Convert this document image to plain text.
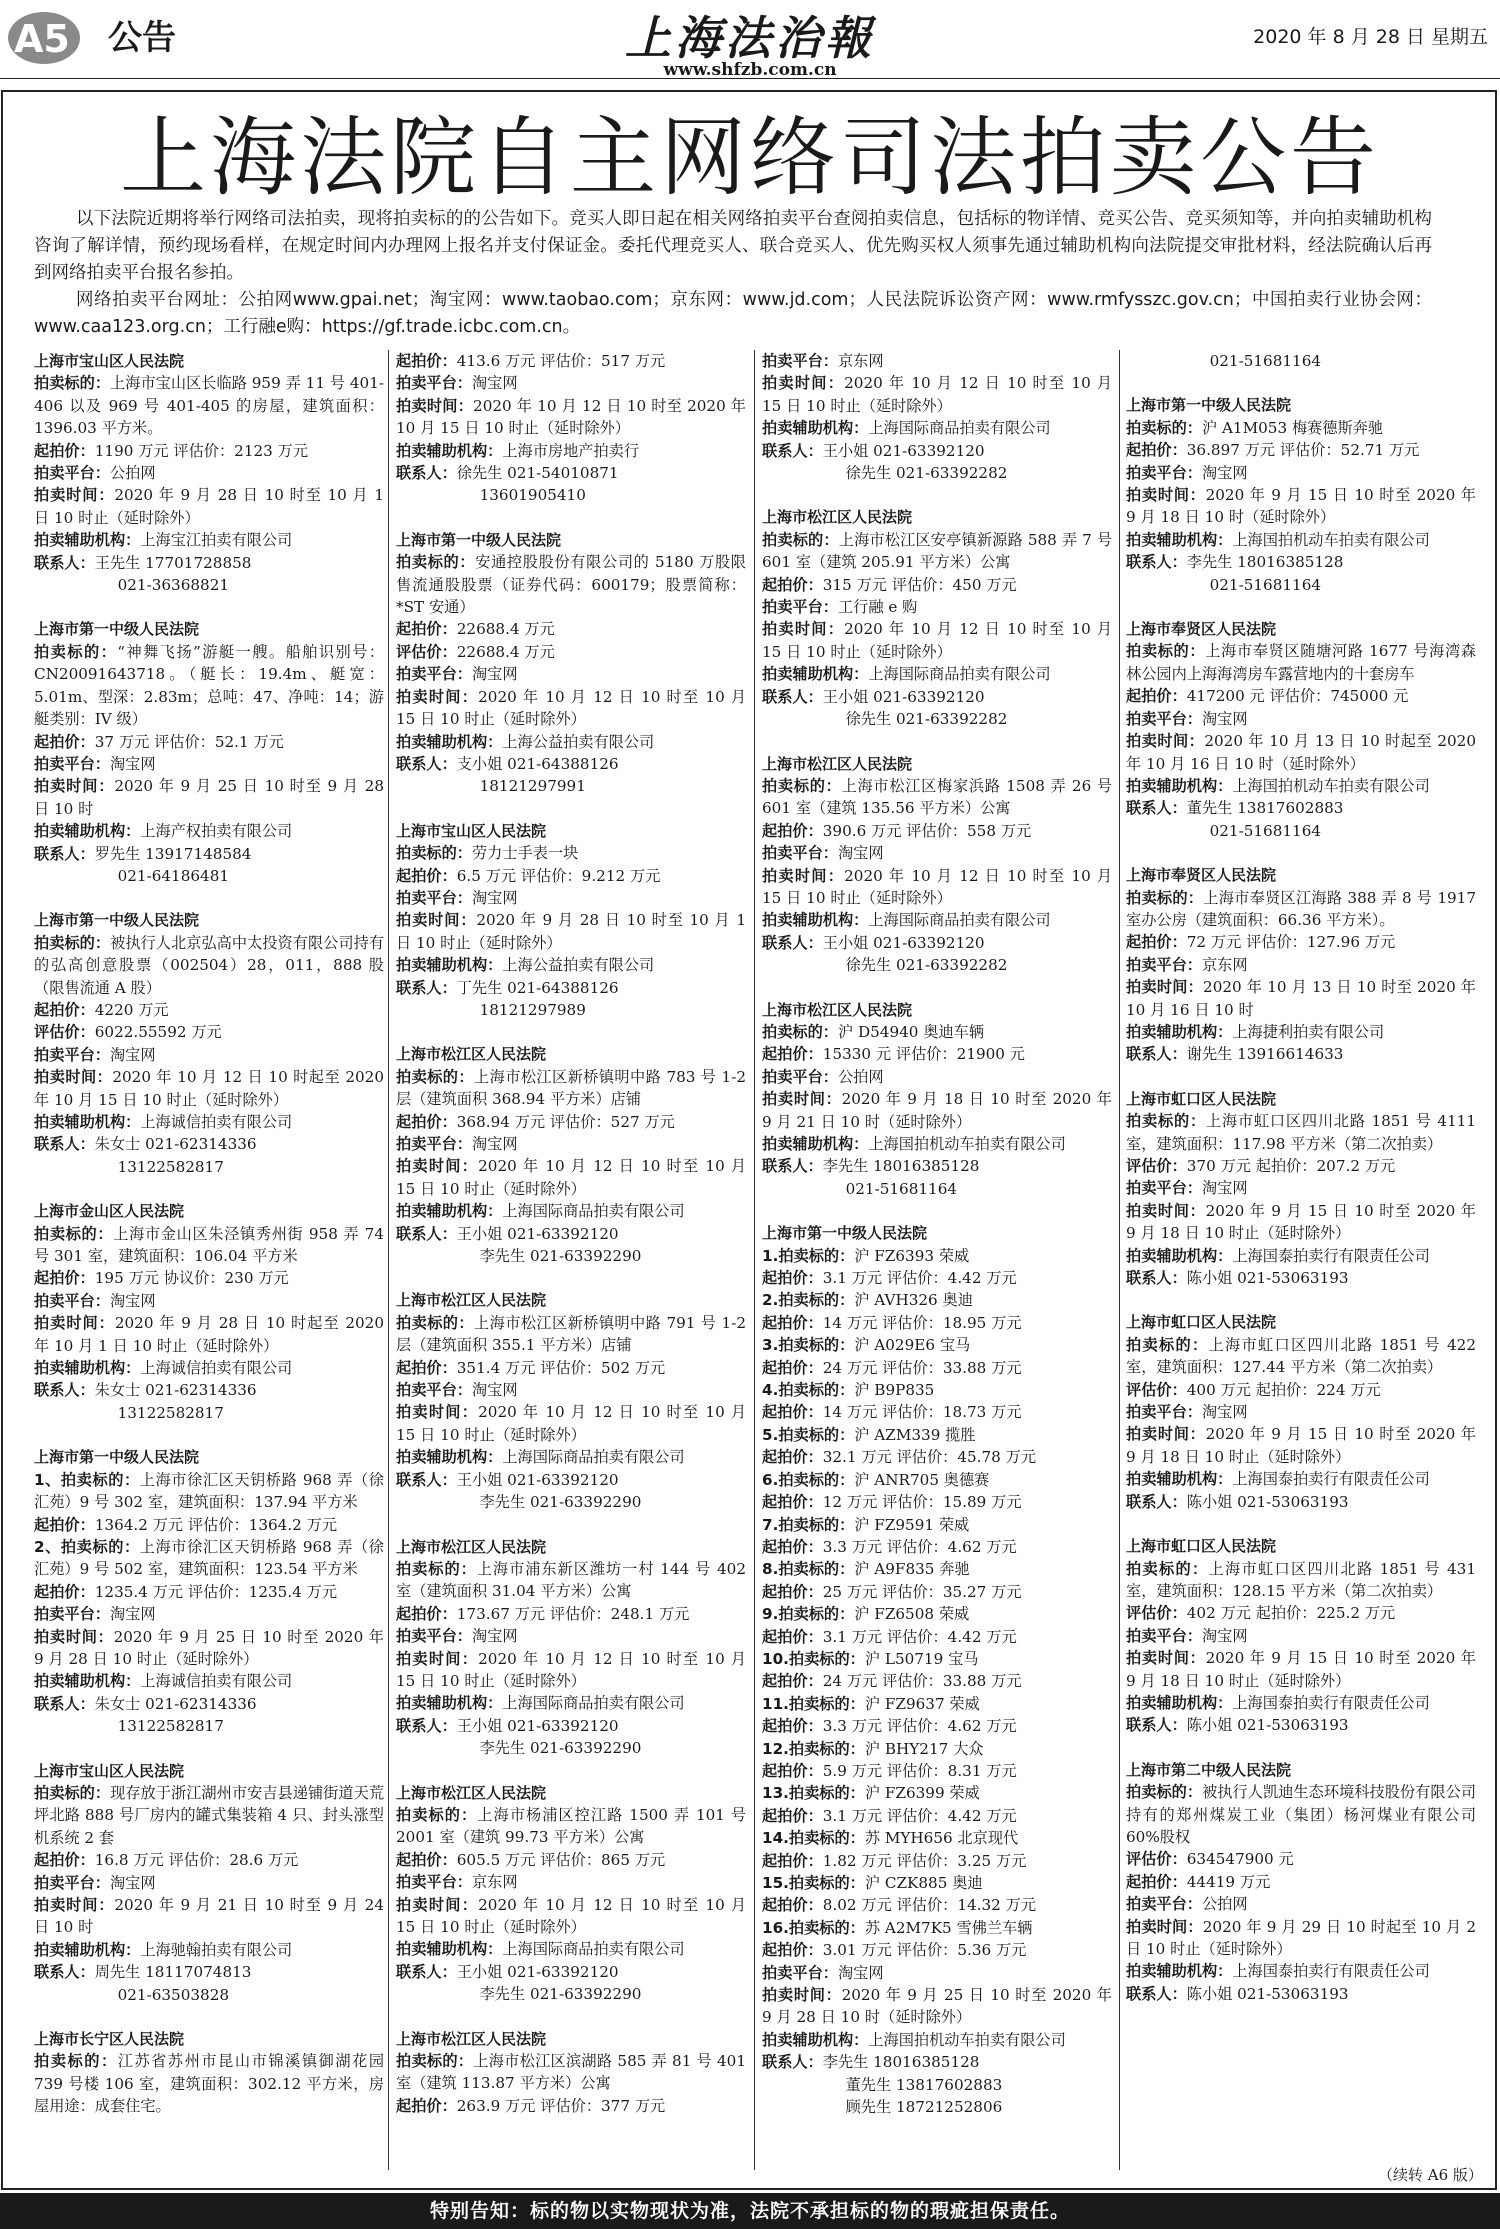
A5 公告	上海法治報
www.shfzb.com.cn
2020 年 8 月 28 日 星期五
上海法院自主网络司法拍卖公告

以下法院近期将举行网络司法拍卖，现将拍卖标的的公告如下。竞买人即日起在相关网络拍卖平台查阅拍卖信息，包括标的物详情、竞买公告、竞买须知等，并向拍卖辅助机构咨询了解详情，预约现场看样，在规定时间内办理网上报名并支付保证金。委托代理竞买人、联合竞买人、优先购买权人须事先通过辅助机构向法院提交审批材料，经法院确认后再到网络拍卖平台报名参拍。

网络拍卖平台网址：公拍网www.gpai.net；淘宝网：www.taobao.com；京东网：www.jd.com；人民法院诉讼资产网：www.rmfysszc.gov.cn；中国拍卖行业协会网：www.caa123.org.cn；工行融e购：https://gf.trade.icbc.com.cn。

上海市宝山区人民法院
拍卖标的：上海市宝山区长临路 959 弄 11 号 401-406 以及 969 号 401-405 的房屋，建筑面积：1396.03 平方米。
起拍价：1190 万元 评估价：2123 万元
拍卖平台：公拍网
拍卖时间：2020 年 9 月 28 日 10 时至 10 月 1 日 10 时止（延时除外）
拍卖辅助机构：上海宝江拍卖有限公司
联系人：王先生 17701728858
021-36368821
上海市第一中级人民法院
拍卖标的：“神舞飞扬”游艇一艘。船舶识别号：CN20091643718。（艇长：19.4m、艇宽：5.01m、型深：2.83m；总吨：47、净吨：14；游艇类别：IV 级）
起拍价：37 万元 评估价：52.1 万元
拍卖平台：淘宝网
拍卖时间：2020 年 9 月 25 日 10 时至 9 月 28 日 10 时
拍卖辅助机构：上海产权拍卖有限公司
联系人：罗先生 13917148584
021-64186481
上海市第一中级人民法院
拍卖标的：被执行人北京弘高中太投资有限公司持有的弘高创意股票（002504）28，011，888 股（限售流通 A 股）
起拍价：4220 万元
评估价：6022.55592 万元
拍卖平台：淘宝网
拍卖时间：2020 年 10 月 12 日 10 时起至 2020 年 10 月 15 日 10 时止（延时除外）
拍卖辅助机构：上海诚信拍卖有限公司
联系人：朱女士 021-62314336
13122582817
上海市金山区人民法院
拍卖标的：上海市金山区朱泾镇秀州街 958 弄 74 号 301 室，建筑面积：106.04 平方米
起拍价：195 万元 协议价：230 万元
拍卖平台：淘宝网
拍卖时间：2020 年 9 月 28 日 10 时起至 2020 年 10 月 1 日 10 时止（延时除外）
拍卖辅助机构：上海诚信拍卖有限公司
联系人：朱女士 021-62314336
13122582817
上海市第一中级人民法院
1、拍卖标的：上海市徐汇区天钥桥路 968 弄（徐汇苑）9 号 302 室，建筑面积：137.94 平方米
起拍价：1364.2 万元 评估价：1364.2 万元
2、拍卖标的：上海市徐汇区天钥桥路 968 弄（徐汇苑）9 号 502 室，建筑面积：123.54 平方米
起拍价：1235.4 万元 评估价：1235.4 万元
拍卖平台：淘宝网
拍卖时间：2020 年 9 月 25 日 10 时至 2020 年 9 月 28 日 10 时止（延时除外）
拍卖辅助机构：上海诚信拍卖有限公司
联系人：朱女士 021-62314336
13122582817
上海市宝山区人民法院
拍卖标的：现存放于浙江湖州市安吉县递铺街道天荒坪北路 888 号厂房内的罐式集装箱 4 只、封头涨型机系统 2 套
起拍价：16.8 万元 评估价：28.6 万元
拍卖平台：淘宝网
拍卖时间：2020 年 9 月 21 日 10 时至 9 月 24 日 10 时
拍卖辅助机构：上海驰翰拍卖有限公司
联系人：周先生 18117074813
021-63503828
上海市长宁区人民法院
拍卖标的：江苏省苏州市昆山市锦溪镇御湖花园 739 号楼 106 室，建筑面积：302.12 平方米，房屋用途：成套住宅。
起拍价：413.6 万元 评估价：517 万元
拍卖平台：淘宝网
拍卖时间：2020 年 10 月 12 日 10 时至 2020 年 10 月 15 日 10 时止（延时除外）
拍卖辅助机构：上海市房地产拍卖行
联系人：徐先生 021-54010871
13601905410
上海市第一中级人民法院
拍卖标的：安通控股股份有限公司的 5180 万股限售流通股股票（证券代码：600179；股票简称：*ST 安通）
起拍价：22688.4 万元
评估价：22688.4 万元
拍卖平台：淘宝网
拍卖时间：2020 年 10 月 12 日 10 时至 10 月 15 日 10 时止（延时除外）
拍卖辅助机构：上海公益拍卖有限公司
联系人：支小姐 021-64388126
18121297991
上海市宝山区人民法院
拍卖标的：劳力士手表一块
起拍价：6.5 万元 评估价：9.212 万元
拍卖平台：淘宝网
拍卖时间：2020 年 9 月 28 日 10 时至 10 月 1 日 10 时止（延时除外）
拍卖辅助机构：上海公益拍卖有限公司
联系人：丁先生 021-64388126
18121297989
上海市松江区人民法院
拍卖标的：上海市松江区新桥镇明中路 783 号 1-2 层（建筑面积 368.94 平方米）店铺
起拍价：368.94 万元 评估价：527 万元
拍卖平台：淘宝网
拍卖时间：2020 年 10 月 12 日 10 时至 10 月 15 日 10 时止（延时除外）
拍卖辅助机构：上海国际商品拍卖有限公司
联系人：王小姐 021-63392120
李先生 021-63392290
上海市松江区人民法院
拍卖标的：上海市松江区新桥镇明中路 791 号 1-2 层（建筑面积 355.1 平方米）店铺
起拍价：351.4 万元 评估价：502 万元
拍卖平台：淘宝网
拍卖时间：2020 年 10 月 12 日 10 时至 10 月 15 日 10 时止（延时除外）
拍卖辅助机构：上海国际商品拍卖有限公司
联系人：王小姐 021-63392120
李先生 021-63392290
上海市松江区人民法院
拍卖标的：上海市浦东新区潍坊一村 144 号 402 室（建筑面积 31.04 平方米）公寓
起拍价：173.67 万元 评估价：248.1 万元
拍卖平台：淘宝网
拍卖时间：2020 年 10 月 12 日 10 时至 10 月 15 日 10 时止（延时除外）
拍卖辅助机构：上海国际商品拍卖有限公司
联系人：王小姐 021-63392120
李先生 021-63392290
上海市松江区人民法院
拍卖标的：上海市杨浦区控江路 1500 弄 101 号 2001 室（建筑 99.73 平方米）公寓
起拍价：605.5 万元 评估价：865 万元
拍卖平台：京东网
拍卖时间：2020 年 10 月 12 日 10 时至 10 月 15 日 10 时止（延时除外）
拍卖辅助机构：上海国际商品拍卖有限公司
联系人：王小姐 021-63392120
李先生 021-63392290
上海市松江区人民法院
拍卖标的：上海市松江区滨湖路 585 弄 81 号 401 室（建筑 113.87 平方米）公寓
起拍价：263.9 万元 评估价：377 万元
拍卖平台：京东网
拍卖时间：2020 年 10 月 12 日 10 时至 10 月 15 日 10 时止（延时除外）
拍卖辅助机构：上海国际商品拍卖有限公司
联系人：王小姐 021-63392120
徐先生 021-63392282
上海市松江区人民法院
拍卖标的：上海市松江区安亭镇新源路 588 弄 7 号 601 室（建筑 205.91 平方米）公寓
起拍价：315 万元 评估价：450 万元
拍卖平台：工行融 e 购
拍卖时间：2020 年 10 月 12 日 10 时至 10 月 15 日 10 时止（延时除外）
拍卖辅助机构：上海国际商品拍卖有限公司
联系人：王小姐 021-63392120
徐先生 021-63392282
上海市松江区人民法院
拍卖标的：上海市松江区梅家浜路 1508 弄 26 号 601 室（建筑 135.56 平方米）公寓
起拍价：390.6 万元 评估价：558 万元
拍卖平台：淘宝网
拍卖时间：2020 年 10 月 12 日 10 时至 10 月 15 日 10 时止（延时除外）
拍卖辅助机构：上海国际商品拍卖有限公司
联系人：王小姐 021-63392120
徐先生 021-63392282
上海市松江区人民法院
拍卖标的：沪 D54940 奥迪车辆
起拍价：15330 元 评估价：21900 元
拍卖平台：公拍网
拍卖时间：2020 年 9 月 18 日 10 时至 2020 年 9 月 21 日 10 时（延时除外）
拍卖辅助机构：上海国拍机动车拍卖有限公司
联系人：李先生 18016385128
021-51681164
上海市第一中级人民法院
1.拍卖标的：沪 FZ6393 荣威
起拍价：3.1 万元 评估价：4.42 万元
2.拍卖标的：沪 AVH326 奥迪
起拍价：14 万元 评估价：18.95 万元
3.拍卖标的：沪 A029E6 宝马
起拍价：24 万元 评估价：33.88 万元
4.拍卖标的：沪 B9P835
起拍价：14 万元 评估价：18.73 万元
5.拍卖标的：沪 AZM339 揽胜
起拍价：32.1 万元 评估价：45.78 万元
6.拍卖标的：沪 ANR705 奥德赛
起拍价：12 万元 评估价：15.89 万元
7.拍卖标的：沪 FZ9591 荣威
起拍价：3.3 万元 评估价：4.62 万元
8.拍卖标的：沪 A9F835 奔驰
起拍价：25 万元 评估价：35.27 万元
9.拍卖标的：沪 FZ6508 荣威
起拍价：3.1 万元 评估价：4.42 万元
10.拍卖标的：沪 L50719 宝马
起拍价：24 万元 评估价：33.88 万元
11.拍卖标的：沪 FZ9637 荣威
起拍价：3.3 万元 评估价：4.62 万元
12.拍卖标的：沪 BHY217 大众
起拍价：5.9 万元 评估价：8.31 万元
13.拍卖标的：沪 FZ6399 荣威
起拍价：3.1 万元 评估价：4.42 万元
14.拍卖标的：苏 MYH656 北京现代
起拍价：1.82 万元 评估价：3.25 万元
15.拍卖标的：沪 CZK885 奥迪
起拍价：8.02 万元 评估价：14.32 万元
16.拍卖标的：苏 A2M7K5 雪佛兰车辆
起拍价：3.01 万元 评估价：5.36 万元
拍卖平台：淘宝网
拍卖时间：2020 年 9 月 25 日 10 时至 2020 年 9 月 28 日 10 时（延时除外）
拍卖辅助机构：上海国拍机动车拍卖有限公司
联系人：李先生 18016385128
董先生 13817602883
顾先生 18721252806
021-51681164
上海市第一中级人民法院
拍卖标的：沪 A1M053 梅赛德斯奔驰
起拍价：36.897 万元 评估价：52.71 万元
拍卖平台：淘宝网
拍卖时间：2020 年 9 月 15 日 10 时至 2020 年 9 月 18 日 10 时（延时除外）
拍卖辅助机构：上海国拍机动车拍卖有限公司
联系人：李先生 18016385128
021-51681164
上海市奉贤区人民法院
拍卖标的：上海市奉贤区随塘河路 1677 号海湾森林公园内上海海湾房车露营地内的十套房车
起拍价：417200 元 评估价：745000 元
拍卖平台：淘宝网
拍卖时间：2020 年 10 月 13 日 10 时起至 2020 年 10 月 16 日 10 时（延时除外）
拍卖辅助机构：上海国拍机动车拍卖有限公司
联系人：董先生 13817602883
021-51681164
上海市奉贤区人民法院
拍卖标的：上海市奉贤区江海路 388 弄 8 号 1917 室办公房（建筑面积：66.36 平方米）。
起拍价：72 万元 评估价：127.96 万元
拍卖平台：京东网
拍卖时间：2020 年 10 月 13 日 10 时至 2020 年 10 月 16 日 10 时
拍卖辅助机构：上海捷利拍卖有限公司
联系人：谢先生 13916614633
上海市虹口区人民法院
拍卖标的：上海市虹口区四川北路 1851 号 4111 室，建筑面积：117.98 平方米（第二次拍卖）
评估价：370 万元 起拍价：207.2 万元
拍卖平台：淘宝网
拍卖时间：2020 年 9 月 15 日 10 时至 2020 年 9 月 18 日 10 时止（延时除外）
拍卖辅助机构：上海国泰拍卖行有限责任公司
联系人：陈小姐 021-53063193
上海市虹口区人民法院
拍卖标的：上海市虹口区四川北路 1851 号 422 室，建筑面积：127.44 平方米（第二次拍卖）
评估价：400 万元 起拍价：224 万元
拍卖平台：淘宝网
拍卖时间：2020 年 9 月 15 日 10 时至 2020 年 9 月 18 日 10 时止（延时除外）
拍卖辅助机构：上海国泰拍卖行有限责任公司
联系人：陈小姐 021-53063193
上海市虹口区人民法院
拍卖标的：上海市虹口区四川北路 1851 号 431 室，建筑面积：128.15 平方米（第二次拍卖）
评估价：402 万元 起拍价：225.2 万元
拍卖平台：淘宝网
拍卖时间：2020 年 9 月 15 日 10 时至 2020 年 9 月 18 日 10 时止（延时除外）
拍卖辅助机构：上海国泰拍卖行有限责任公司
联系人：陈小姐 021-53063193
上海市第二中级人民法院
拍卖标的：被执行人凯迪生态环境科技股份有限公司持有的郑州煤炭工业（集团）杨河煤业有限公司 60%股权
评估价：634547900 元
起拍价：44419 万元
拍卖平台：公拍网
拍卖时间：2020 年 9 月 29 日 10 时起至 10 月 2 日 10 时止（延时除外）
拍卖辅助机构：上海国泰拍卖行有限责任公司
联系人：陈小姐 021-53063193
（续转 A6 版）
特别告知：标的物以实物现状为准，法院不承担标的物的瑕疵担保责任。
